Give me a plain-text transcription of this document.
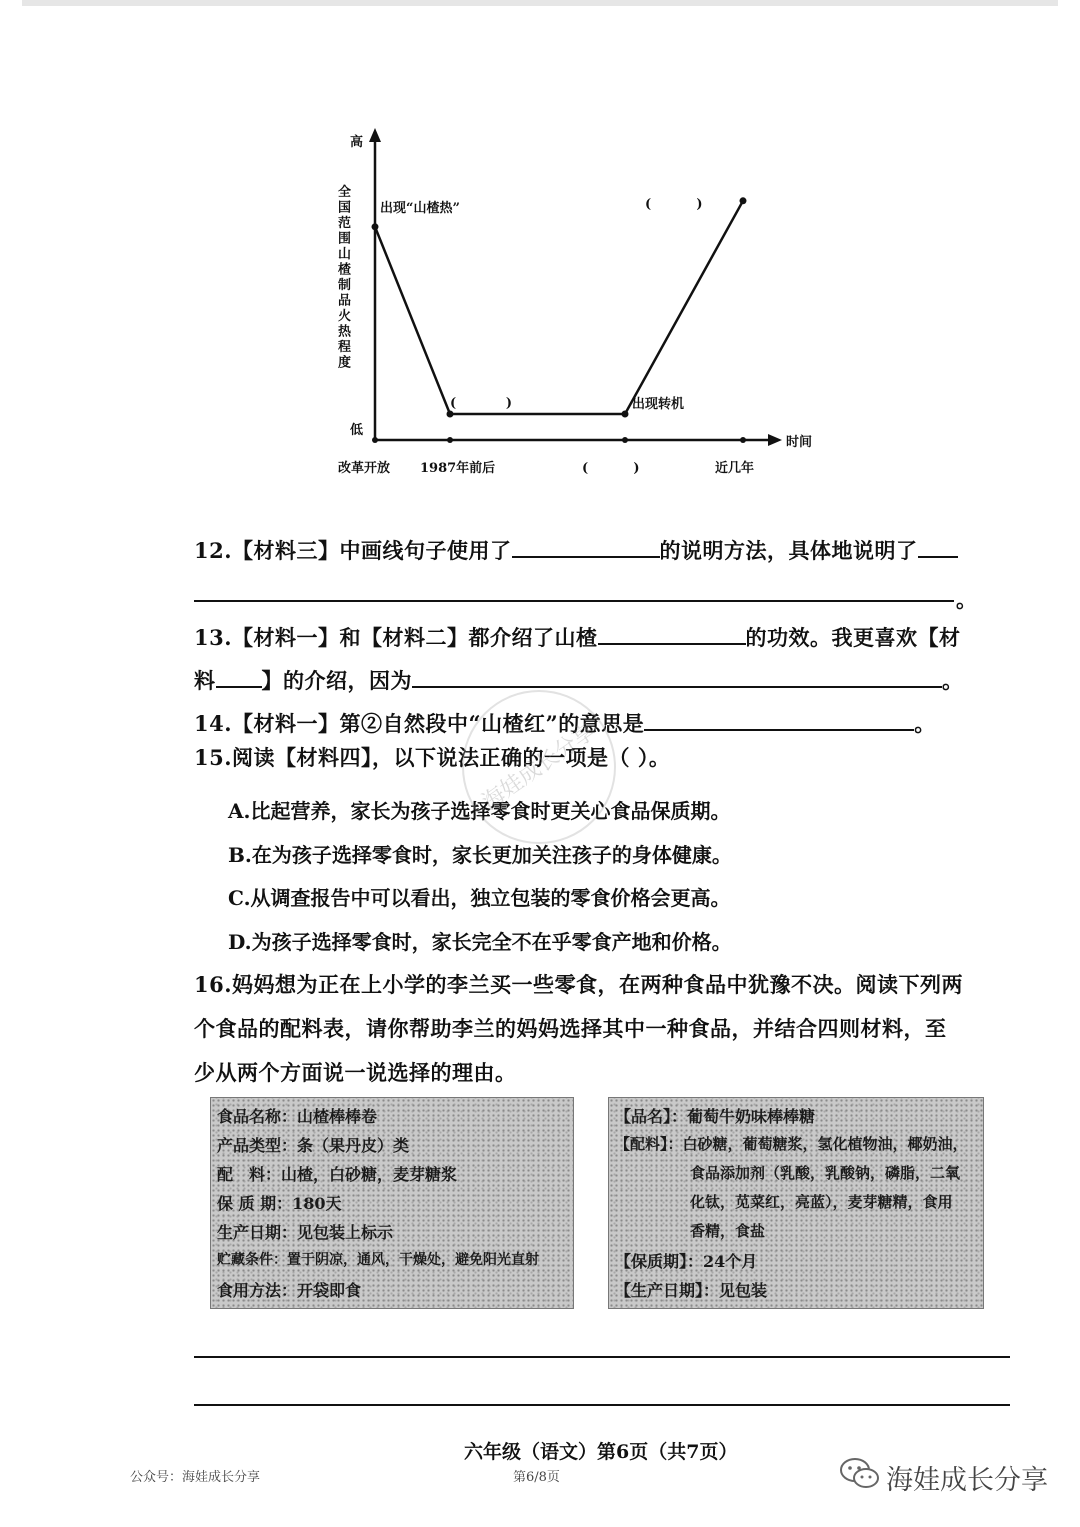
高
低
时间
全
国
范
围
山
楂
制
品
火
热
程
度
改革开放 1987年前后	(          )	近几年
出现“山楂热”
(           )	出现转机
(          )
12.【材料三】中画线句子使用了	的说明方法，具体地说明了
。
13.【材料一】和【材料二】都介绍了山楂	的功效。我更喜欢【材
料 】的介绍，因为	。
14.【材料一】第②自然段中“山楂红”的意思是	。
15.阅读【材料四】，以下说法正确的一项是（ ）。
A.比起营养，家长为孩子选择零食时更关心食品保质期。
B.在为孩子选择零食时，家长更加关注孩子的身体健康。
C.从调查报告中可以看出，独立包装的零食价格会更高。
D.为孩子选择零食时，家长完全不在乎零食产地和价格。
16.妈妈想为正在上小学的李兰买一些零食，在两种食品中犹豫不决。阅读下列两
个食品的配料表，请你帮助李兰的妈妈选择其中一种食品，并结合四则材料，至
少从两个方面说一说选择的理由。
食品名称：山楂棒棒卷
产品类型：条（果丹皮）类
配　料：山楂，白砂糖，麦芽糖浆
保 质 期：180天
生产日期：见包装上标示
贮藏条件：置于阴凉，通风，干燥处，避免阳光直射
食用方法：开袋即食
【品名】：葡萄牛奶味棒棒糖
【配料】：白砂糖，葡萄糖浆，氢化植物油，椰奶油，
　　　　　食品添加剂（乳酸，乳酸钠，磷脂，二氧
　　　　　化钛，苋菜红，亮蓝），麦芽糖精，食用
　　　　　香精，食盐
【保质期】：24个月
【生产日期】：见包装
海娃成长分享
六年级（语文）第6页（共7页）
公众号：海娃成长分享	第6/8页	海娃成长分享
